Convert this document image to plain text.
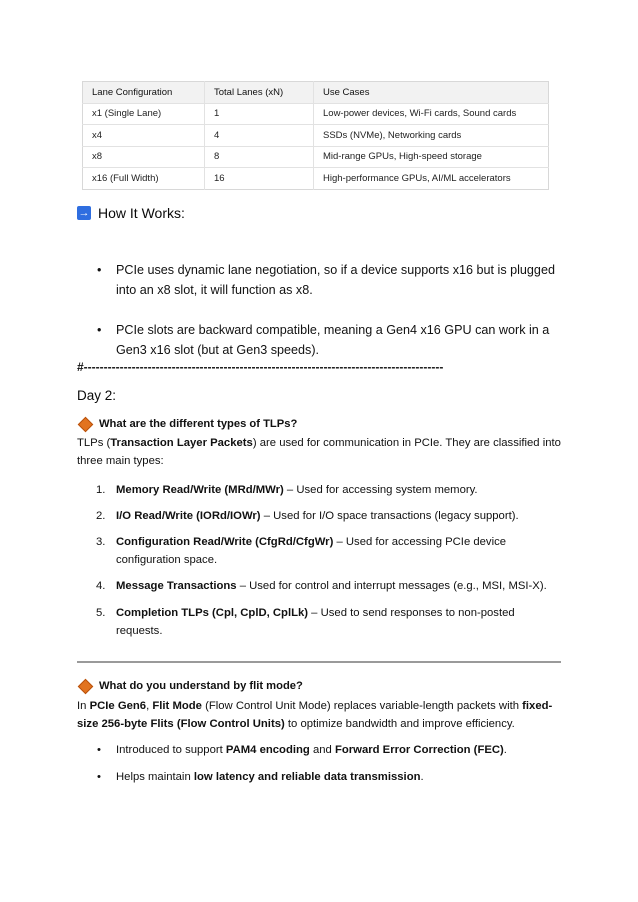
Lane Configuration	Total Lanes (xN)	Use Cases
x1 (Single Lane)	1	Low-power devices, Wi-Fi cards, Sound cards
x4	4	SSDs (NVMe), Networking cards
x8	8	Mid-range GPUs, High-speed storage
x16 (Full Width)	16	High-performance GPUs, AI/ML accelerators
→ How It Works:
• PCIe uses dynamic lane negotiation, so if a device supports x16 but is plugged into an x8 slot, it will function as x8.
• PCIe slots are backward compatible, meaning a Gen4 x16 GPU can work in a Gen3 x16 slot (but at Gen3 speeds).
#------------------------------------------------------------------------------------------
Day 2:
What are the different types of TLPs?
TLPs (Transaction Layer Packets) are used for communication in PCIe. They are classified into three main types:
1. Memory Read/Write (MRd/MWr) – Used for accessing system memory.
2. I/O Read/Write (IORd/IOWr) – Used for I/O space transactions (legacy support).
3. Configuration Read/Write (CfgRd/CfgWr) – Used for accessing PCIe device configuration space.
4. Message Transactions – Used for control and interrupt messages (e.g., MSI, MSI-X).
5. Completion TLPs (Cpl, CplD, CplLk) – Used to send responses to non-posted requests.
What do you understand by flit mode?
In PCIe Gen6, Flit Mode (Flow Control Unit Mode) replaces variable-length packets with fixed-size 256-byte Flits (Flow Control Units) to optimize bandwidth and improve efficiency.
• Introduced to support PAM4 encoding and Forward Error Correction (FEC).
• Helps maintain low latency and reliable data transmission.
